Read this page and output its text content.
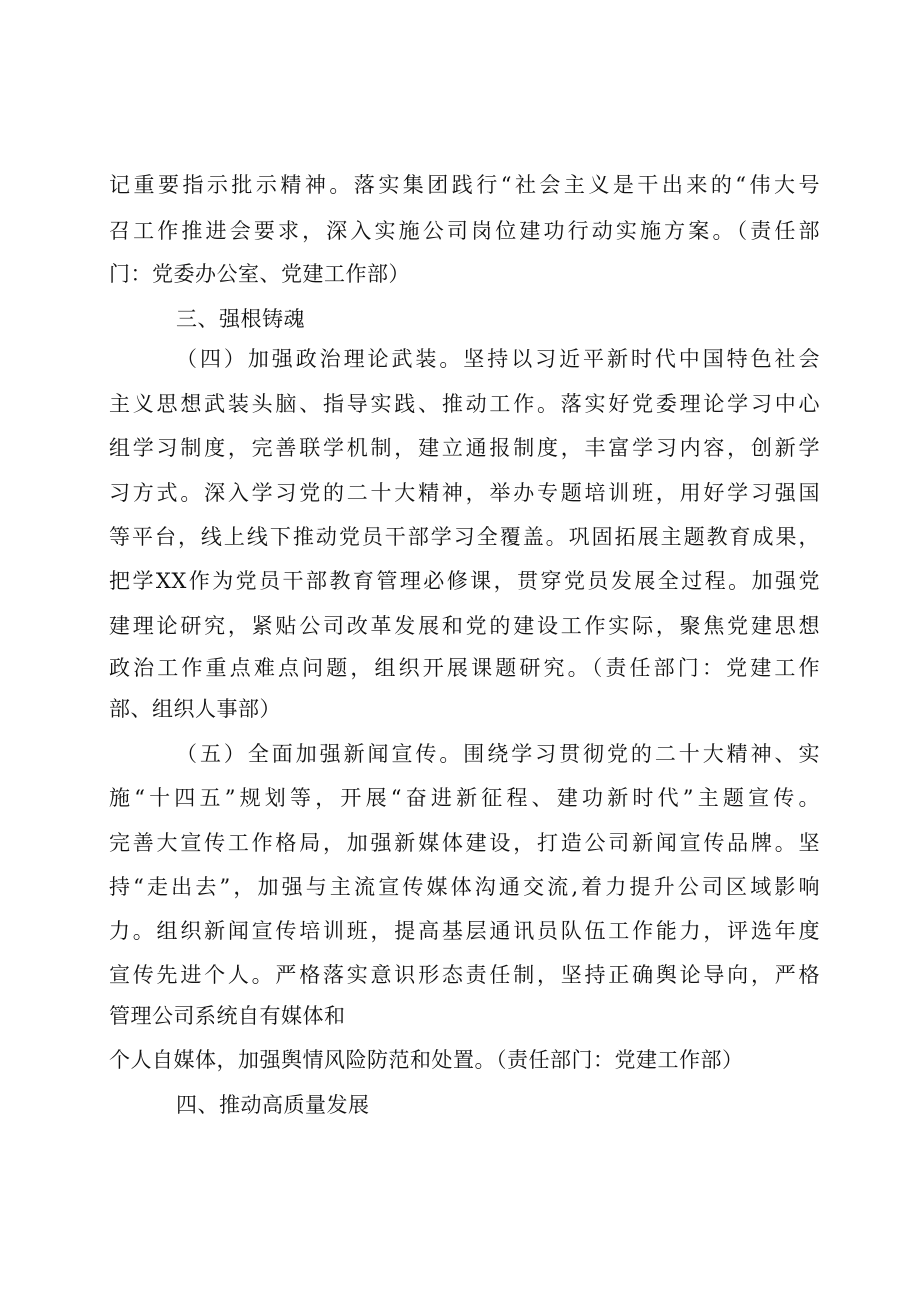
记重要指示批示精神。落实集团践行“社会主义是干出来的“伟大号
召工作推进会要求，深入实施公司岗位建功行动实施方案。（责任部
门：党委办公室、党建工作部）
三、强根铸魂
（四）加强政治理论武装。坚持以习近平新时代中国特色社会
主义思想武装头脑、指导实践、推动工作。落实好党委理论学习中心
组学习制度，完善联学机制，建立通报制度，丰富学习内容，创新学
习方式。深入学习党的二十大精神，举办专题培训班，用好学习强国
等平台，线上线下推动党员干部学习全覆盖。巩固拓展主题教育成果，
把学XX作为党员干部教育管理必修课，贯穿党员发展全过程。加强党
建理论研究，紧贴公司改革发展和党的建设工作实际，聚焦党建思想
政治工作重点难点问题，组织开展课题研究。（责任部门：党建工作
部、组织人事部）
（五）全面加强新闻宣传。围绕学习贯彻党的二十大精神、实
施“十四五”规划等，开展“奋进新征程、建功新时代”主题宣传。
完善大宣传工作格局，加强新媒体建设，打造公司新闻宣传品牌。坚
持“走出去”，加强与主流宣传媒体沟通交流,着力提升公司区域影响
力。组织新闻宣传培训班，提高基层通讯员队伍工作能力，评选年度
宣传先进个人。严格落实意识形态责任制，坚持正确舆论导向，严格
管理公司系统自有媒体和
个人自媒体，加强舆情风险防范和处置。（责任部门：党建工作部）
四、推动高质量发展
